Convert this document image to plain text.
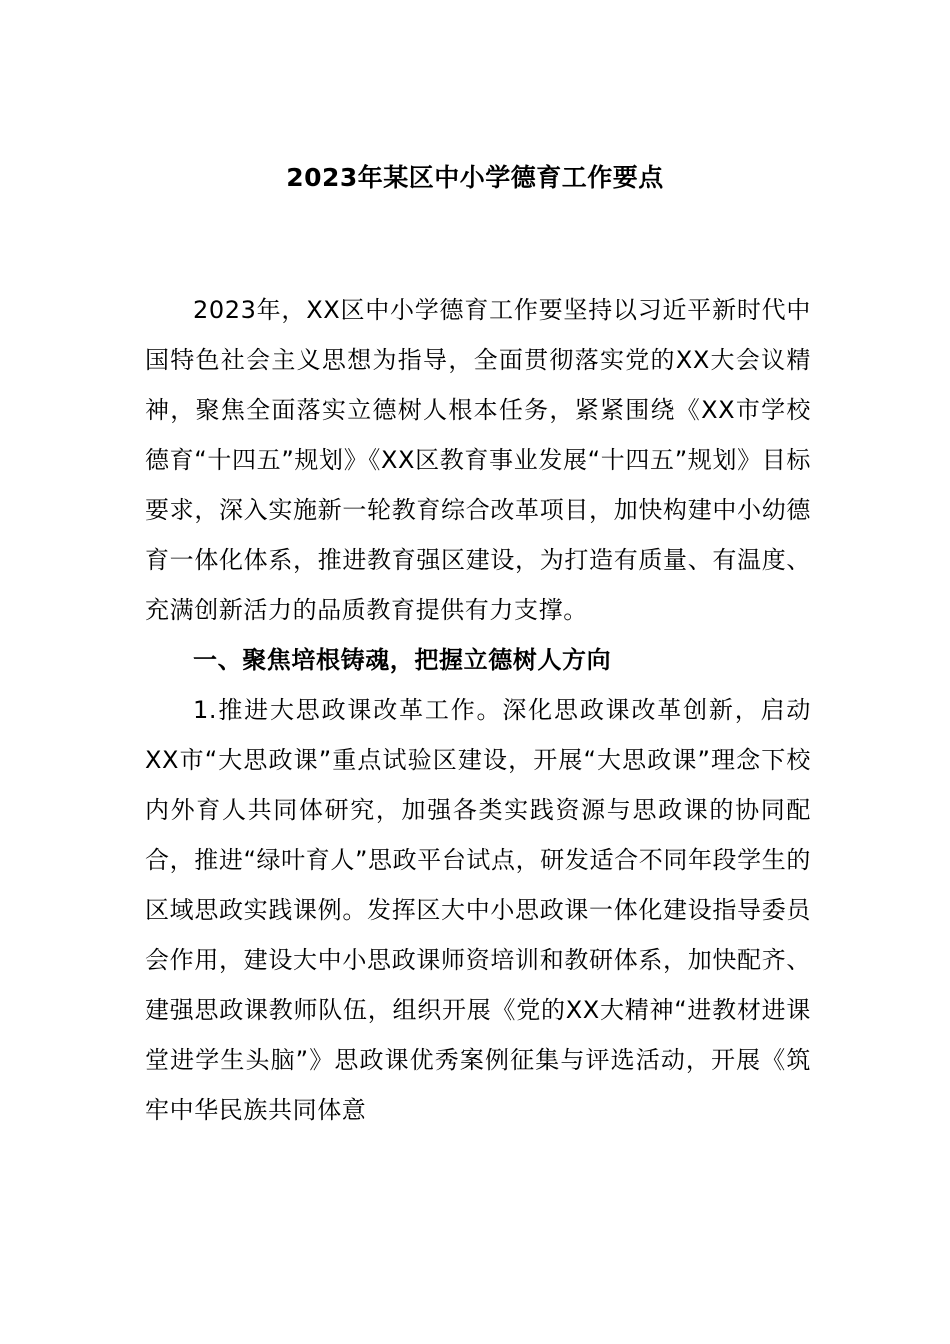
2023年某区中小学德育工作要点

2023年，XX区中小学德育工作要坚持以习近平新时代中国特色社会主义思想为指导，全面贯彻落实党的XX大会议精神，聚焦全面落实立德树人根本任务，紧紧围绕《XX市学校德育“十四五”规划》《XX区教育事业发展“十四五”规划》目标要求，深入实施新一轮教育综合改革项目，加快构建中小幼德育一体化体系，推进教育强区建设，为打造有质量、有温度、充满创新活力的品质教育提供有力支撑。

一、聚焦培根铸魂，把握立德树人方向

1.推进大思政课改革工作。深化思政课改革创新，启动XX市“大思政课”重点试验区建设，开展“大思政课”理念下校内外育人共同体研究，加强各类实践资源与思政课的协同配合，推进“绿叶育人”思政平台试点，研发适合不同年段学生的区域思政实践课例。发挥区大中小思政课一体化建设指导委员会作用，建设大中小思政课师资培训和教研体系，加快配齐、建强思政课教师队伍，组织开展《党的XX大精神“进教材进课堂进学生头脑”》思政课优秀案例征集与评选活动，开展《筑牢中华民族共同体意
